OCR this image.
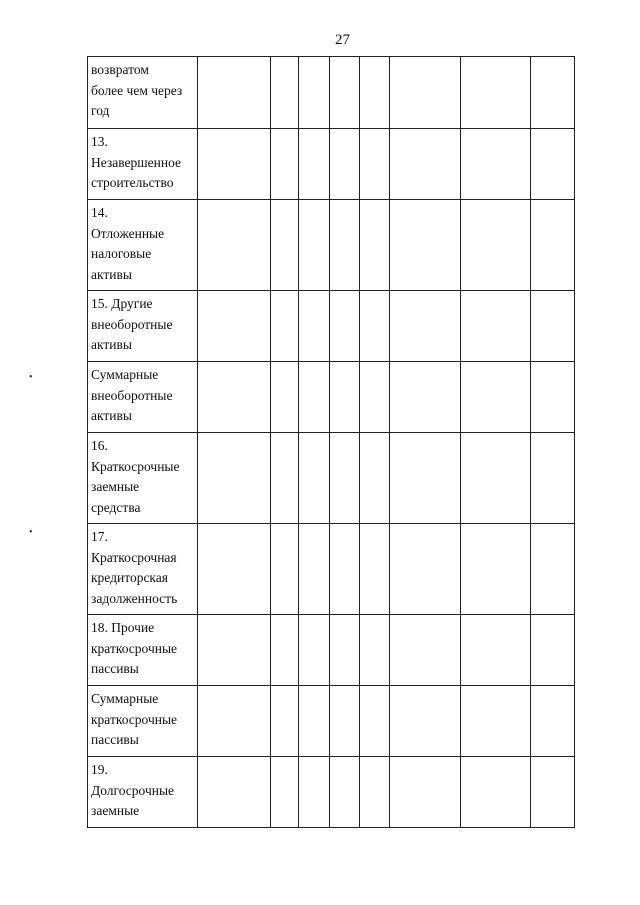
27
возвратом
более чем через
год								

13.
Незавершенное
строительство								

14.
Отложенные
налоговые
активы								

15. Другие
внеоборотные
активы								

Суммарные
внеоборотные
активы								

16.
Краткосрочные
заемные
средства								

17.
Краткосрочная
кредиторская
задолженность								

18. Прочие
краткосрочные
пассивы								

Суммарные
краткосрочные
пассивы								

19.
Долгосрочные
заемные								

•
•
